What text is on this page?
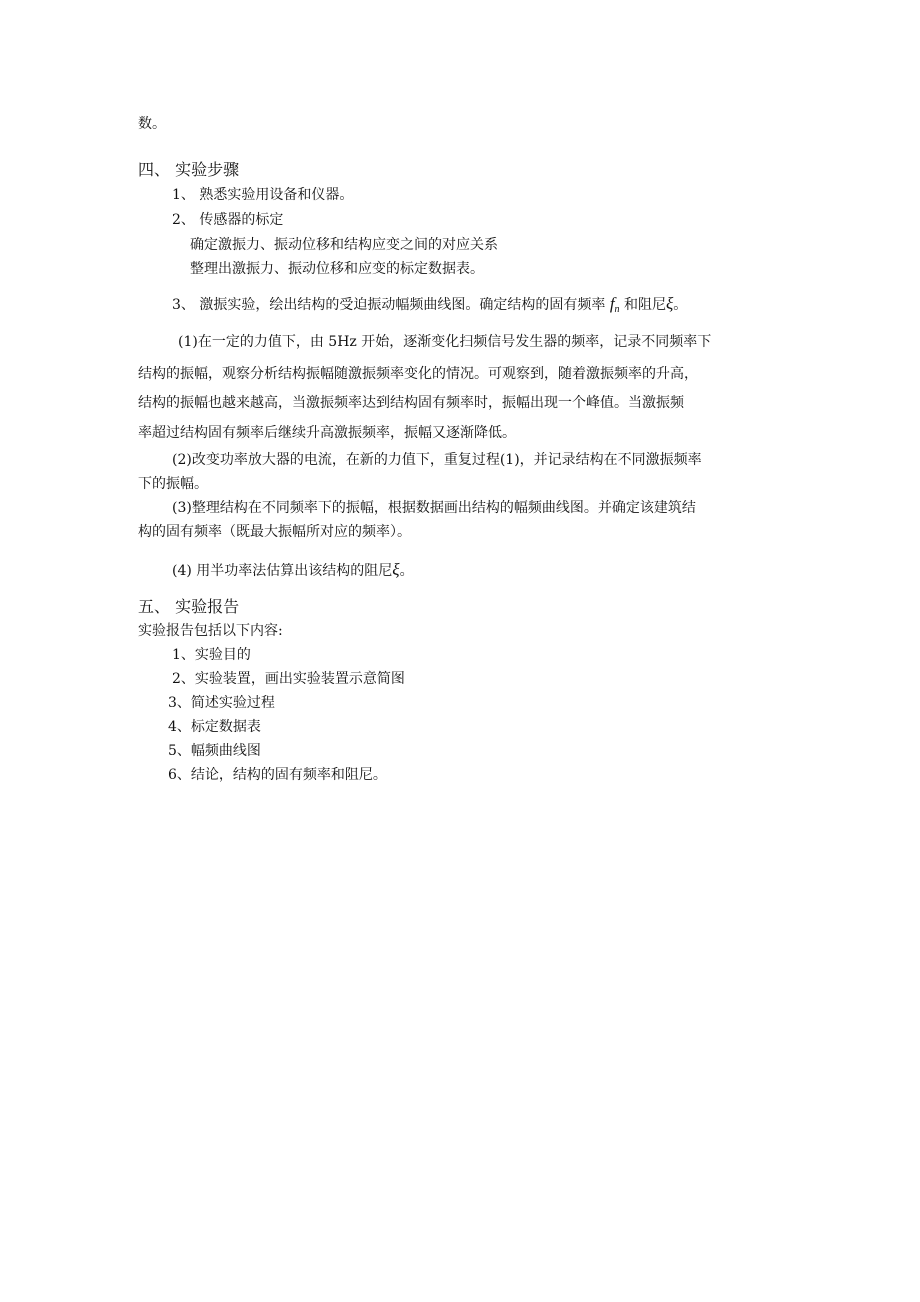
数。
四、 实验步骤
1、 熟悉实验用设备和仪器。
2、 传感器的标定
确定激振力、振动位移和结构应变之间的对应关系
整理出激振力、振动位移和应变的标定数据表。
3、 激振实验，绘出结构的受迫振动幅频曲线图。确定结构的固有频率 $f_n$ 和阻尼ξ。
(1)在一定的力值下，由 5Hz 开始，逐渐变化扫频信号发生器的频率，记录不同频率下
结构的振幅，观察分析结构振幅随激振频率变化的情况。可观察到，随着激振频率的升高，
结构的振幅也越来越高，当激振频率达到结构固有频率时，振幅出现一个峰值。当激振频
率超过结构固有频率后继续升高激振频率，振幅又逐渐降低。
(2)改变功率放大器的电流，在新的力值下，重复过程(1)，并记录结构在不同激振频率
下的振幅。
(3)整理结构在不同频率下的振幅，根据数据画出结构的幅频曲线图。并确定该建筑结
构的固有频率（既最大振幅所对应的频率）。
(4) 用半功率法估算出该结构的阻尼ξ。
五、 实验报告
实验报告包括以下内容:
1、实验目的
2、实验装置，画出实验装置示意简图
3、简述实验过程
4、标定数据表
5、幅频曲线图
6、结论，结构的固有频率和阻尼。
